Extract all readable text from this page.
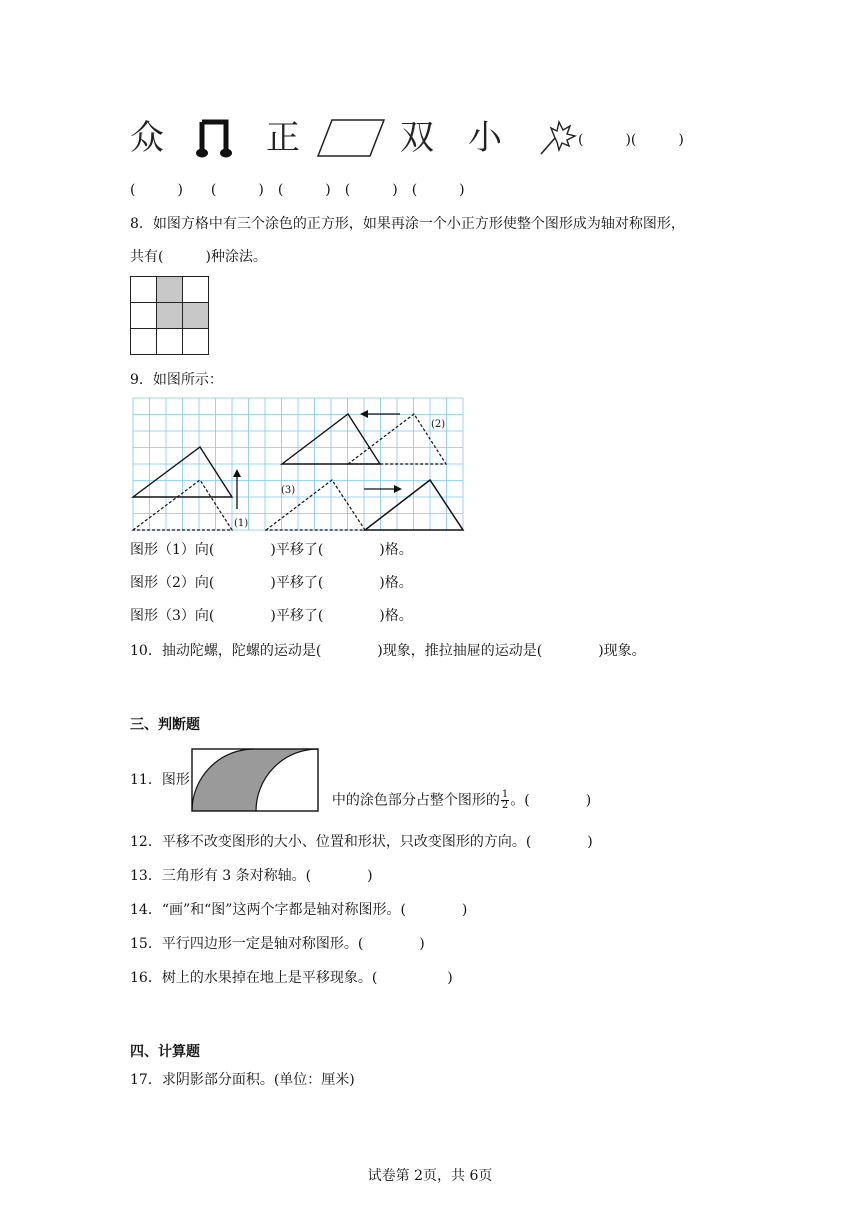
众	正	双 小	(　　　)(　　　)
(　　　)　　(　　　)　(　　　)　(　　　)　(　　　)
8．如图方格中有三个涂色的正方形，如果再涂一个小正方形使整个图形成为轴对称图形，
共有(　　　)种涂法。

9．如图所示：
(1)
(2)
(3)
图形（1）向(　　　　)平移了(　　　　)格。
图形（2）向(　　　　)平移了(　　　　)格。
图形（3）向(　　　　)平移了(　　　　)格。
10．抽动陀螺，陀螺的运动是(　　　　)现象，推拉抽屉的运动是(　　　　)现象。
三、判断题
11．图形

中的涂色部分占整个图形的 $\frac{1}{2}$ 。(　　　　)

12．平移不改变图形的大小、位置和形状，只改变图形的方向。(　　　　)
13．三角形有 3 条对称轴。(　　　　)
14．“画”和“图”这两个字都是轴对称图形。(　　　　)
15．平行四边形一定是轴对称图形。(　　　　)
16．树上的水果掉在地上是平移现象。(　　　　　)
四、计算题
17．求阴影部分面积。(单位：厘米)
试卷第 2页，共 6页
